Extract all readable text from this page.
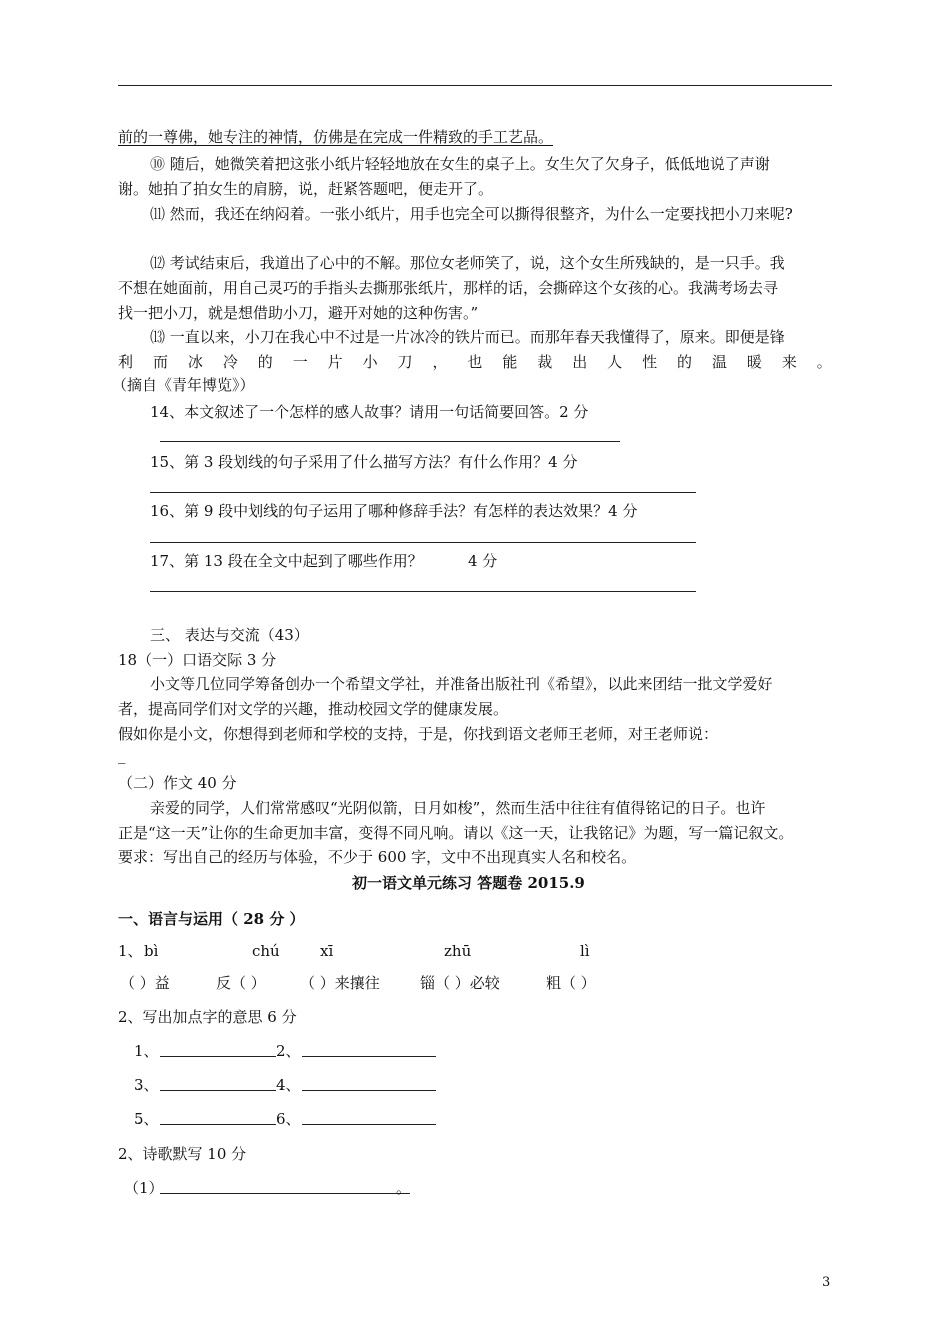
前的一尊佛，她专注的神情，仿佛是在完成一件精致的手工艺品。
⑩ 随后，她微笑着把这张小纸片轻轻地放在女生的桌子上。女生欠了欠身子，低低地说了声谢
谢。她拍了拍女生的肩膀，说，赶紧答题吧，便走开了。
⑾ 然而，我还在纳闷着。一张小纸片，用手也完全可以撕得很整齐，为什么一定要找把小刀来呢?
⑿ 考试结束后，我道出了心中的不解。那位女老师笑了，说，这个女生所残缺的，是一只手。我
不想在她面前，用自己灵巧的手指头去撕那张纸片，那样的话，会撕碎这个女孩的心。我满考场去寻
找一把小刀，就是想借助小刀，避开对她的这种伤害。”
⒀ 一直以来，小刀在我心中不过是一片冰冷的铁片而已。而那年春天我懂得了，原来。即便是锋
利 而 冰 冷 的 一 片 小 刀 ， 也 能 裁 出 人 性 的 温 暖 来 。
（摘自《青年博览》）
14、本文叙述了一个怎样的感人故事？请用一句话简要回答。2 分
15、第 3 段划线的句子采用了什么描写方法？有什么作用？4 分
16、第 9 段中划线的句子运用了哪种修辞手法？有怎样的表达效果？4 分
17、第 13 段在全文中起到了哪些作用？	4 分
三、 表达与交流（43）
18（一）口语交际 3 分
小文等几位同学筹备创办一个希望文学社，并准备出版社刊《希望》，以此来团结一批文学爱好
者，提高同学们对文学的兴趣，推动校园文学的健康发展。
假如你是小文，你想得到老师和学校的支持，于是，你找到语文老师王老师，对王老师说：
_
（二）作文 40 分
亲爱的同学，人们常常感叹“光阴似箭，日月如梭”，然而生活中往往有值得铭记的日子。也许
正是“这一天”让你的生命更加丰富，变得不同凡响。请以《这一天，让我铭记》为题，写一篇记叙文。
要求：写出自己的经历与体验，不少于 600 字，文中不出现真实人名和校名。
初一语文单元练习 答题卷 2015.9
一、语言与运用（ 28 分 ）
1、 bì	chú	xī	zhū	lì
（ ）益	反（ ） （ ）来攘往	锱（ ）必较	粗（ ）
2、写出加点字的意思 6 分
1、	2、
3、 ·	4、 ·
5、 ·	6、
2、诗歌默写 10 分
（1）	。
3
